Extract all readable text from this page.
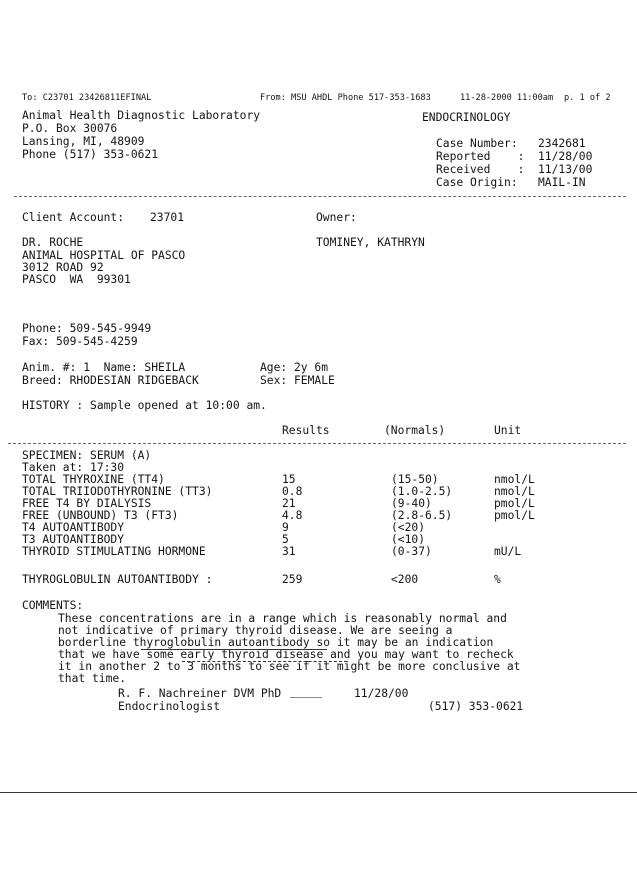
To: C23701 23426811EFINAL	From: MSU AHDL Phone 517-353-1683	11-28-2000 11:00am p. 1 of 2
Animal Health Diagnostic Laboratory
P.O. Box 30076
Lansing, MI, 48909
Phone (517) 353-0621
ENDOCRINOLOGY
Case Number: 2342681
Reported    : 11/28/00
Received    : 11/13/00
Case Origin: MAIL-IN
Client Account: 23701	Owner:
DR. ROCHE	TOMINEY, KATHRYN
ANIMAL HOSPITAL OF PASCO
3012 ROAD 92
PASCO  WA  99301
Phone: 509-545-9949
Fax: 509-545-4259
Anim. #: 1  Name: SHEILA	Age: 2y 6m
Breed: RHODESIAN RIDGEBACK	Sex: FEMALE
HISTORY : Sample opened at 10:00 am.
Results	(Normals)	Unit
SPECIMEN: SERUM (A)
Taken at: 17:30
TOTAL THYROXINE (TT4)	15	(15-50)	nmol/L
TOTAL TRIIODOTHYRONINE (TT3)	0.8	(1.0-2.5)	nmol/L
FREE T4 BY DIALYSIS	21	(9-40)	pmol/L
FREE (UNBOUND) T3 (FT3)	4.8	(2.8-6.5)	pmol/L
T4 AUTOANTIBODY	9	(<20)
T3 AUTOANTIBODY	5	(<10)
THYROID STIMULATING HORMONE	31	(0-37)	mU/L
THYROGLOBULIN AUTOANTIBODY :	259	<200	%
COMMENTS:
These concentrations are in a range which is reasonably normal and
not indicative of primary thyroid disease. We are seeing a
borderline thyroglobulin autoantibody so it may be an indication
that we have some early thyroid disease and you may want to recheck
it in another 2 to 3 months to see if it might be more conclusive at
that time.
R. F. Nachreiner DVM PhD	11/28/00
Endocrinologist	(517) 353-0621
